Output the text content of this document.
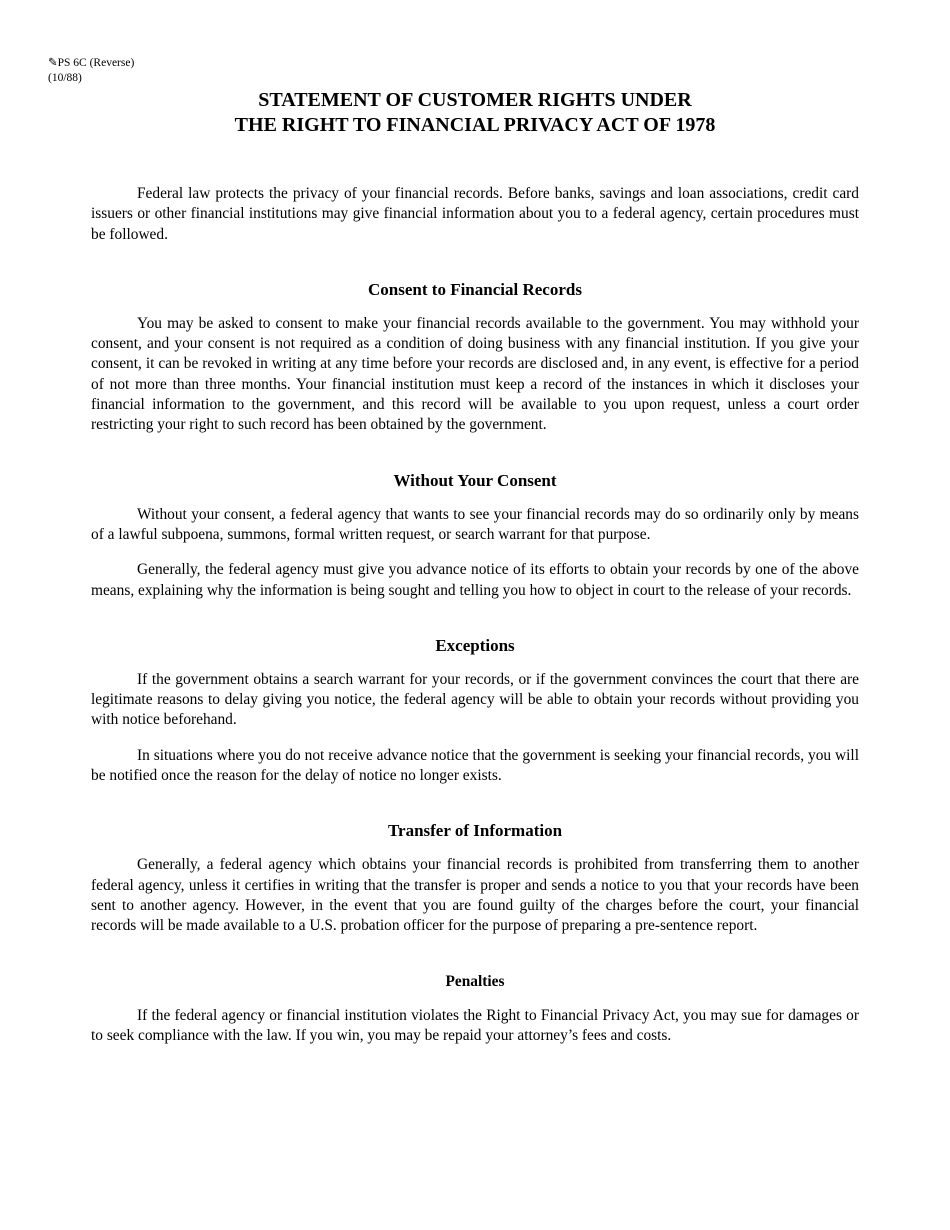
✎PS 6C (Reverse)
(10/88)
STATEMENT OF CUSTOMER RIGHTS UNDER
THE RIGHT TO FINANCIAL PRIVACY ACT OF 1978

Federal law protects the privacy of your financial records. Before banks, savings and loan associations, credit card issuers or other financial institutions may give financial information about you to a federal agency, certain procedures must be followed.

Consent to Financial Records

You may be asked to consent to make your financial records available to the government. You may withhold your consent, and your consent is not required as a condition of doing business with any financial institution. If you give your consent, it can be revoked in writing at any time before your records are disclosed and, in any event, is effective for a period of not more than three months. Your financial institution must keep a record of the instances in which it discloses your financial information to the government, and this record will be available to you upon request, unless a court order restricting your right to such record has been obtained by the government.

Without Your Consent

Without your consent, a federal agency that wants to see your financial records may do so ordinarily only by means of a lawful subpoena, summons, formal written request, or search warrant for that purpose.

Generally, the federal agency must give you advance notice of its efforts to obtain your records by one of the above means, explaining why the information is being sought and telling you how to object in court to the release of your records.

Exceptions

If the government obtains a search warrant for your records, or if the government convinces the court that there are legitimate reasons to delay giving you notice, the federal agency will be able to obtain your records without providing you with notice beforehand.

In situations where you do not receive advance notice that the government is seeking your financial records, you will be notified once the reason for the delay of notice no longer exists.

Transfer of Information

Generally, a federal agency which obtains your financial records is prohibited from transferring them to another federal agency, unless it certifies in writing that the transfer is proper and sends a notice to you that your records have been sent to another agency. However, in the event that you are found guilty of the charges before the court, your financial records will be made available to a U.S. probation officer for the purpose of preparing a pre-sentence report.

Penalties

If the federal agency or financial institution violates the Right to Financial Privacy Act, you may sue for damages or to seek compliance with the law. If you win, you may be repaid your attorney’s fees and costs.
